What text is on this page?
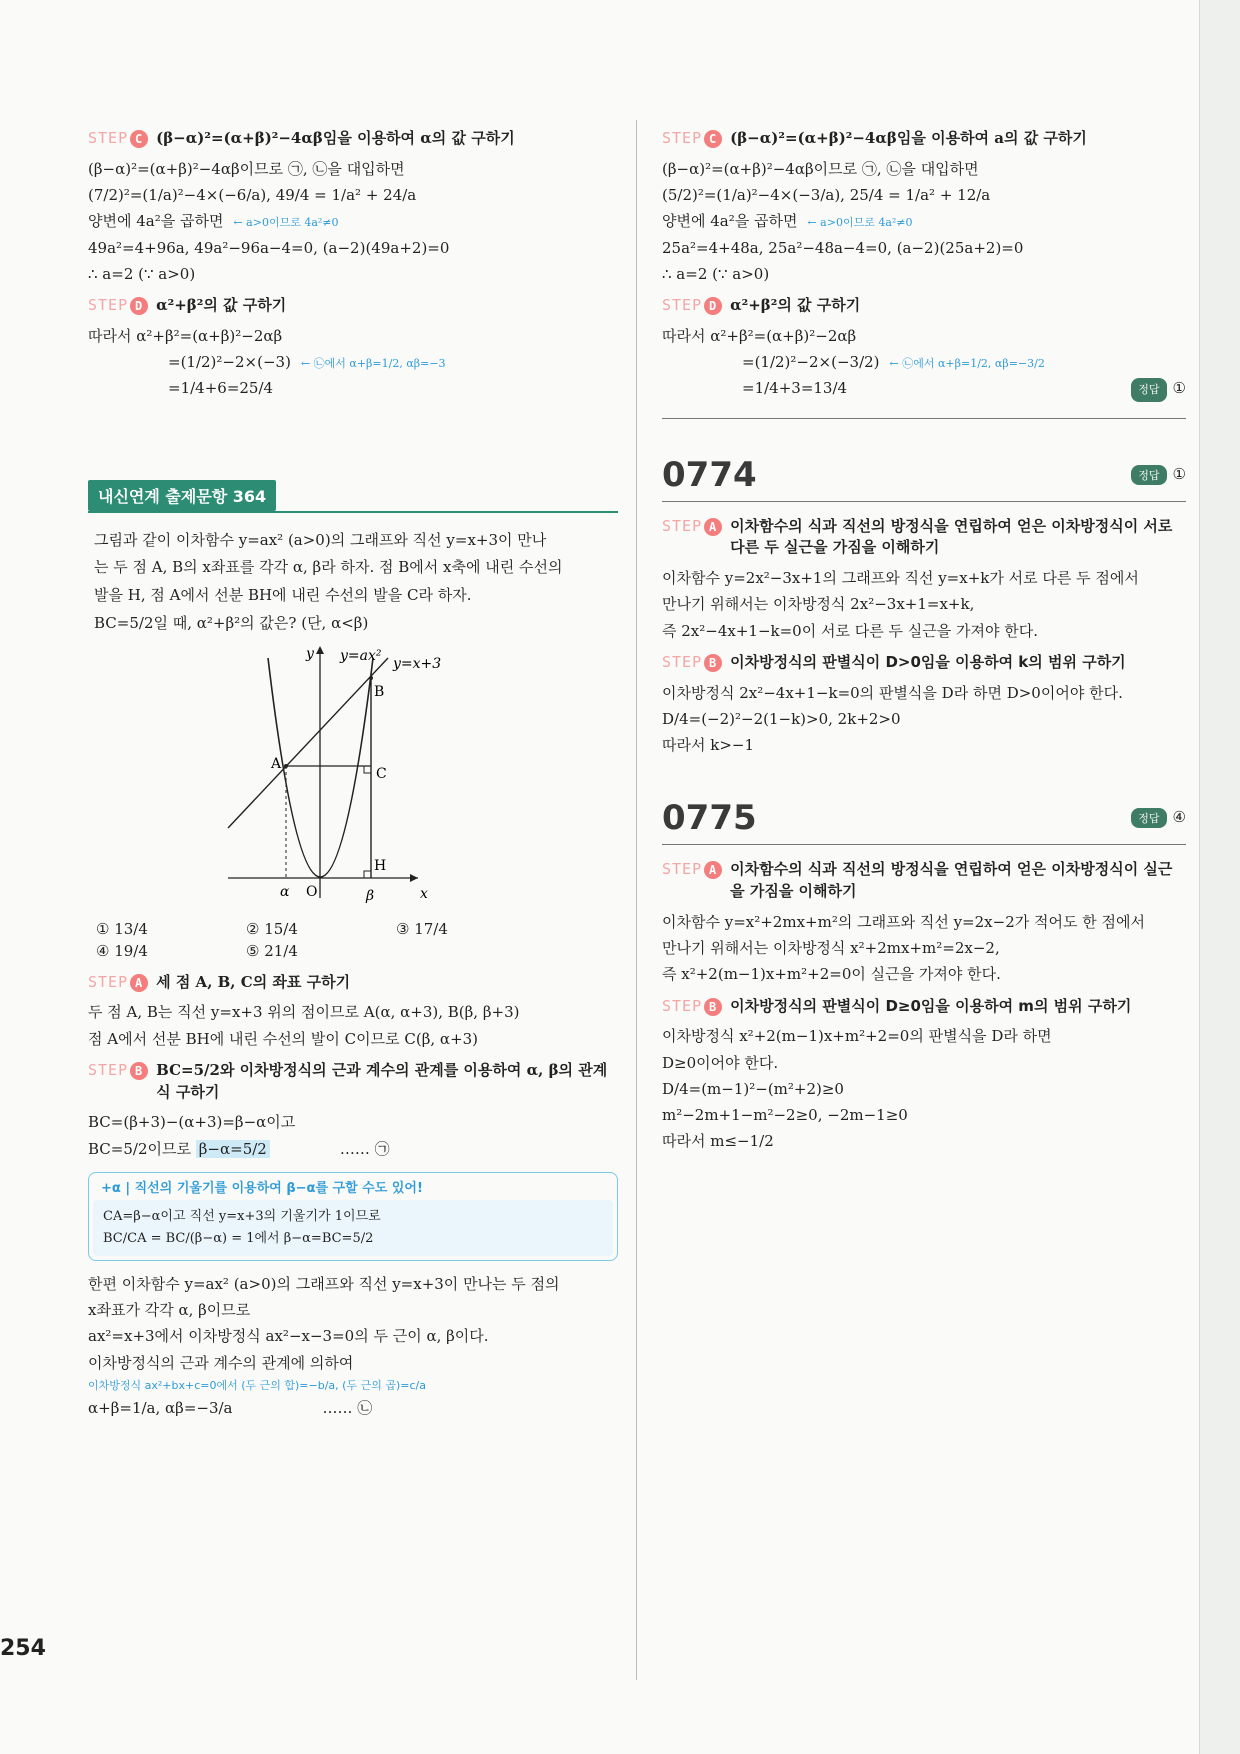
254
STEP C (β−α)²=(α+β)²−4αβ임을 이용하여 α의 값 구하기
(β−α)²=(α+β)²−4αβ이므로 ㉠, ㉡을 대입하면
(7/2)²=(1/a)²−4×(−6/a), 49/4 = 1/a² + 24/a
양변에 4a²을 곱하면 ← a>0이므로 4a²≠0
49a²=4+96a, 49a²−96a−4=0, (a−2)(49a+2)=0
∴ a=2 (∵ a>0)
STEP D α²+β²의 값 구하기
따라서 α²+β²=(α+β)²−2αβ
=(1/2)²−2×(−3) ← ㉡에서 α+β=1/2, αβ=−3
=1/4+6=25/4
내신연계 출제문항 364
그림과 같이 이차함수 y=ax² (a>0)의 그래프와 직선 y=x+3이 만나
는 두 점 A, B의 x좌표를 각각 α, β라 하자. 점 B에서 x축에 내린 수선의
발을 H, 점 A에서 선분 BH에 내린 수선의 발을 C라 하자.
BC=5/2일 때, α²+β²의 값은? (단, α<β)
y y=ax² y=x+3
B
A
C
H
α O	β	x
① 13/4	② 15/4	③ 17/4
④ 19/4	⑤ 21/4
STEP A 세 점 A, B, C의 좌표 구하기
두 점 A, B는 직선 y=x+3 위의 점이므로 A(α, α+3), B(β, β+3)
점 A에서 선분 BH에 내린 수선의 발이 C이므로 C(β, α+3)
STEP B BC=5/2와 이차방정식의 근과 계수의 관계를 이용하여 α, β의 관계식 구하기
BC=(β+3)−(α+3)=β−α이고
BC=5/2이므로 β−α=5/2	…… ㉠
+α | 직선의 기울기를 이용하여 β−α를 구할 수도 있어!
CA=β−α이고 직선 y=x+3의 기울기가 1이므로
BC/CA = BC/(β−α) = 1에서 β−α=BC=5/2
한편 이차함수 y=ax² (a>0)의 그래프와 직선 y=x+3이 만나는 두 점의
x좌표가 각각 α, β이므로
ax²=x+3에서 이차방정식 ax²−x−3=0의 두 근이 α, β이다.
이차방정식의 근과 계수의 관계에 의하여
이차방정식 ax²+bx+c=0에서 (두 근의 합)=−b/a, (두 근의 곱)=c/a
α+β=1/a, αβ=−3/a	…… ㉡
STEP C (β−α)²=(α+β)²−4αβ임을 이용하여 a의 값 구하기
(β−α)²=(α+β)²−4αβ이므로 ㉠, ㉡을 대입하면
(5/2)²=(1/a)²−4×(−3/a), 25/4 = 1/a² + 12/a
양변에 4a²을 곱하면 ← a>0이므로 4a²≠0
25a²=4+48a, 25a²−48a−4=0, (a−2)(25a+2)=0
∴ a=2 (∵ a>0)
STEP D α²+β²의 값 구하기
따라서 α²+β²=(α+β)²−2αβ
=(1/2)²−2×(−3/2) ← ㉡에서 α+β=1/2, αβ=−3/2
=1/4+3=13/4	정답 ①
0774	정답 ①
STEP A 이차함수의 식과 직선의 방정식을 연립하여 얻은 이차방정식이 서로 다른 두 실근을 가짐을 이해하기
이차함수 y=2x²−3x+1의 그래프와 직선 y=x+k가 서로 다른 두 점에서
만나기 위해서는 이차방정식 2x²−3x+1=x+k,
즉 2x²−4x+1−k=0이 서로 다른 두 실근을 가져야 한다.
STEP B 이차방정식의 판별식이 D>0임을 이용하여 k의 범위 구하기
이차방정식 2x²−4x+1−k=0의 판별식을 D라 하면 D>0이어야 한다.
D/4=(−2)²−2(1−k)>0, 2k+2>0
따라서 k>−1
0775	정답 ④
STEP A 이차함수의 식과 직선의 방정식을 연립하여 얻은 이차방정식이 실근을 가짐을 이해하기
이차함수 y=x²+2mx+m²의 그래프와 직선 y=2x−2가 적어도 한 점에서
만나기 위해서는 이차방정식 x²+2mx+m²=2x−2,
즉 x²+2(m−1)x+m²+2=0이 실근을 가져야 한다.
STEP B 이차방정식의 판별식이 D≥0임을 이용하여 m의 범위 구하기
이차방정식 x²+2(m−1)x+m²+2=0의 판별식을 D라 하면
D≥0이어야 한다.
D/4=(m−1)²−(m²+2)≥0
m²−2m+1−m²−2≥0, −2m−1≥0
따라서 m≤−1/2
